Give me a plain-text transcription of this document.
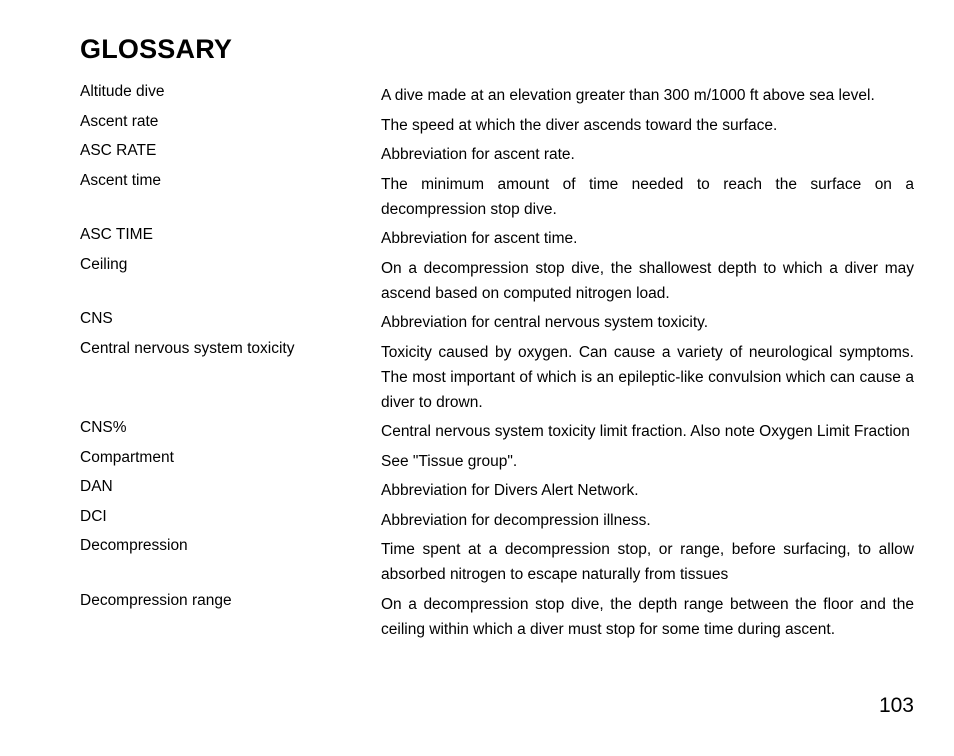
GLOSSARY
Altitude dive	A dive made at an elevation greater than 300 m/1000 ft above sea level.
Ascent rate	The speed at which the diver ascends toward the surface.
ASC RATE	Abbreviation for ascent rate.
Ascent time	The minimum amount of time needed to reach the surface on a decompression stop dive.
ASC TIME	Abbreviation for ascent time.
Ceiling	On a decompression stop dive, the shallowest depth to which a diver may ascend based on computed nitrogen load.
CNS	Abbreviation for central nervous system toxicity.
Central nervous system toxicity	Toxicity caused by oxygen. Can cause a variety of neurological symptoms. The most important of which is an epileptic-like convulsion which can cause a diver to drown.
CNS%	Central nervous system toxicity limit fraction. Also note Oxygen Limit Fraction
Compartment	See "Tissue group".
DAN	Abbreviation for Divers Alert Network.
DCI	Abbreviation for decompression illness.
Decompression	Time spent at a decompression stop, or range, before surfacing, to allow absorbed nitrogen to escape naturally from tissues
Decompression range	On a decompression stop dive, the depth range between the floor and the ceiling within which a diver must stop for some time during ascent.
103
